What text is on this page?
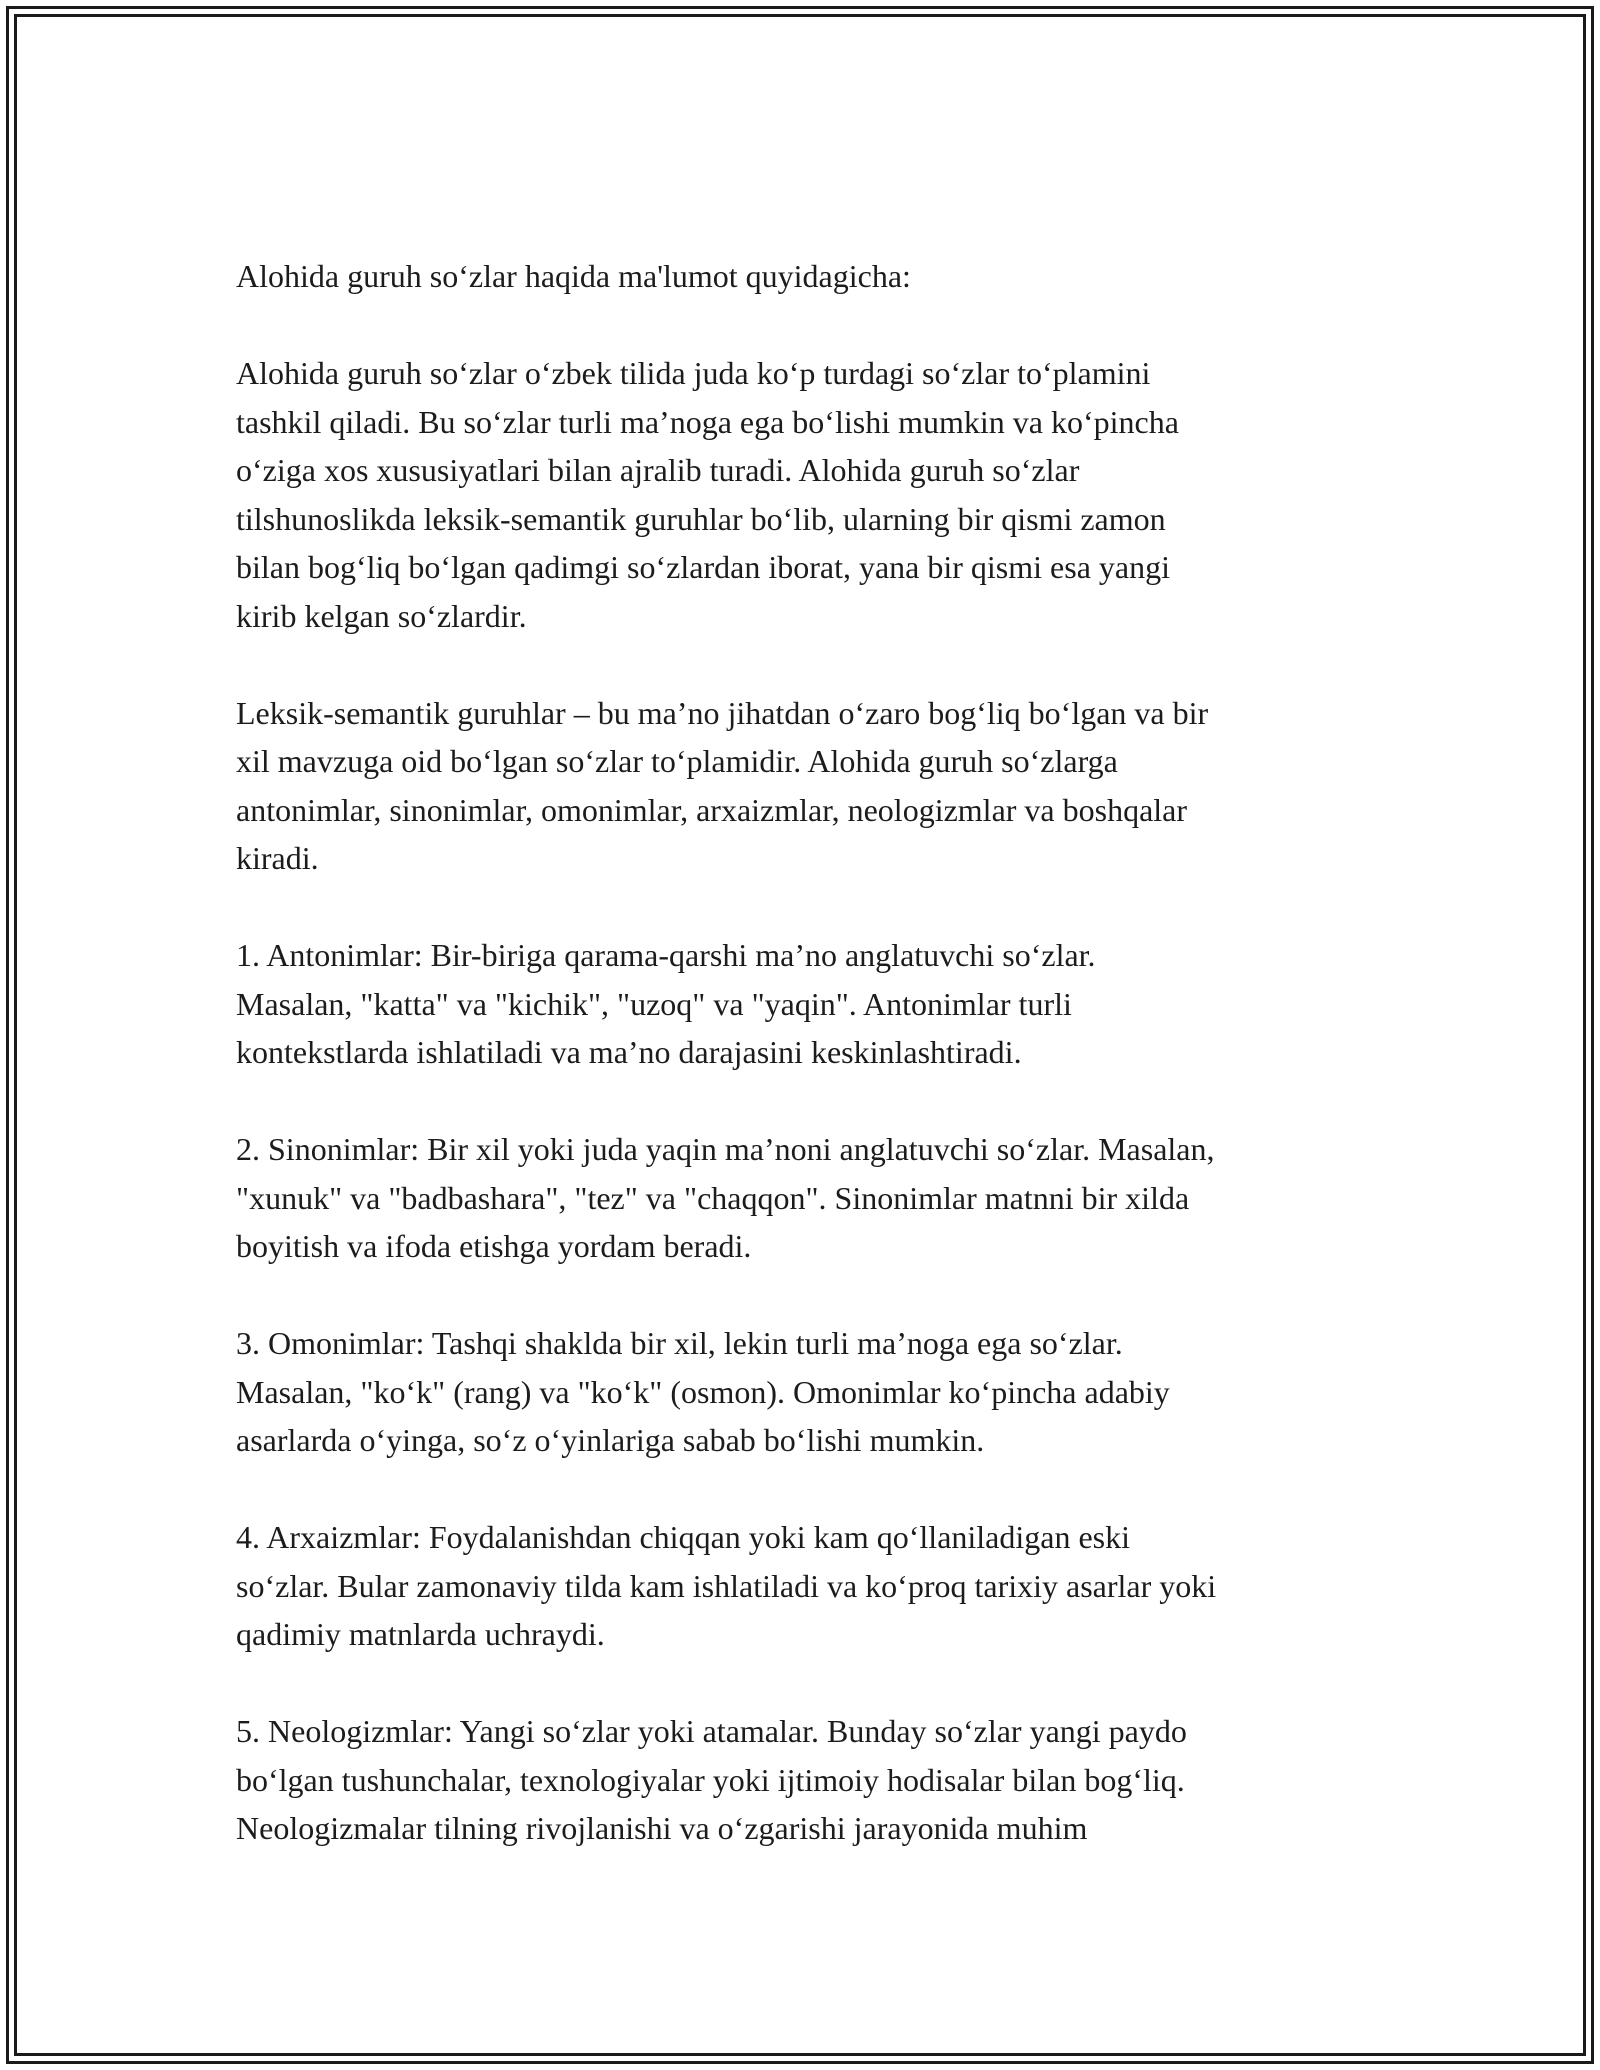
Alohida guruh so‘zlar haqida ma'lumot quyidagicha:

Alohida guruh so‘zlar o‘zbek tilida juda ko‘p turdagi so‘zlar to‘plamini
tashkil qiladi. Bu so‘zlar turli ma’noga ega bo‘lishi mumkin va ko‘pincha
o‘ziga xos xususiyatlari bilan ajralib turadi. Alohida guruh so‘zlar
tilshunoslikda leksik-semantik guruhlar bo‘lib, ularning bir qismi zamon
bilan bog‘liq bo‘lgan qadimgi so‘zlardan iborat, yana bir qismi esa yangi
kirib kelgan so‘zlardir.

Leksik-semantik guruhlar – bu ma’no jihatdan o‘zaro bog‘liq bo‘lgan va bir
xil mavzuga oid bo‘lgan so‘zlar to‘plamidir. Alohida guruh so‘zlarga
antonimlar, sinonimlar, omonimlar, arxaizmlar, neologizmlar va boshqalar
kiradi.

1. Antonimlar: Bir-biriga qarama-qarshi ma’no anglatuvchi so‘zlar.
Masalan, "katta" va "kichik", "uzoq" va "yaqin". Antonimlar turli
kontekstlarda ishlatiladi va ma’no darajasini keskinlashtiradi.

2. Sinonimlar: Bir xil yoki juda yaqin ma’noni anglatuvchi so‘zlar. Masalan,
"xunuk" va "badbashara", "tez" va "chaqqon". Sinonimlar matnni bir xilda
boyitish va ifoda etishga yordam beradi.

3. Omonimlar: Tashqi shaklda bir xil, lekin turli ma’noga ega so‘zlar.
Masalan, "ko‘k" (rang) va "ko‘k" (osmon). Omonimlar ko‘pincha adabiy
asarlarda o‘yinga, so‘z o‘yinlariga sabab bo‘lishi mumkin.

4. Arxaizmlar: Foydalanishdan chiqqan yoki kam qo‘llaniladigan eski
so‘zlar. Bular zamonaviy tilda kam ishlatiladi va ko‘proq tarixiy asarlar yoki
qadimiy matnlarda uchraydi.

5. Neologizmlar: Yangi so‘zlar yoki atamalar. Bunday so‘zlar yangi paydo
bo‘lgan tushunchalar, texnologiyalar yoki ijtimoiy hodisalar bilan bog‘liq.
Neologizmalar tilning rivojlanishi va o‘zgarishi jarayonida muhim
